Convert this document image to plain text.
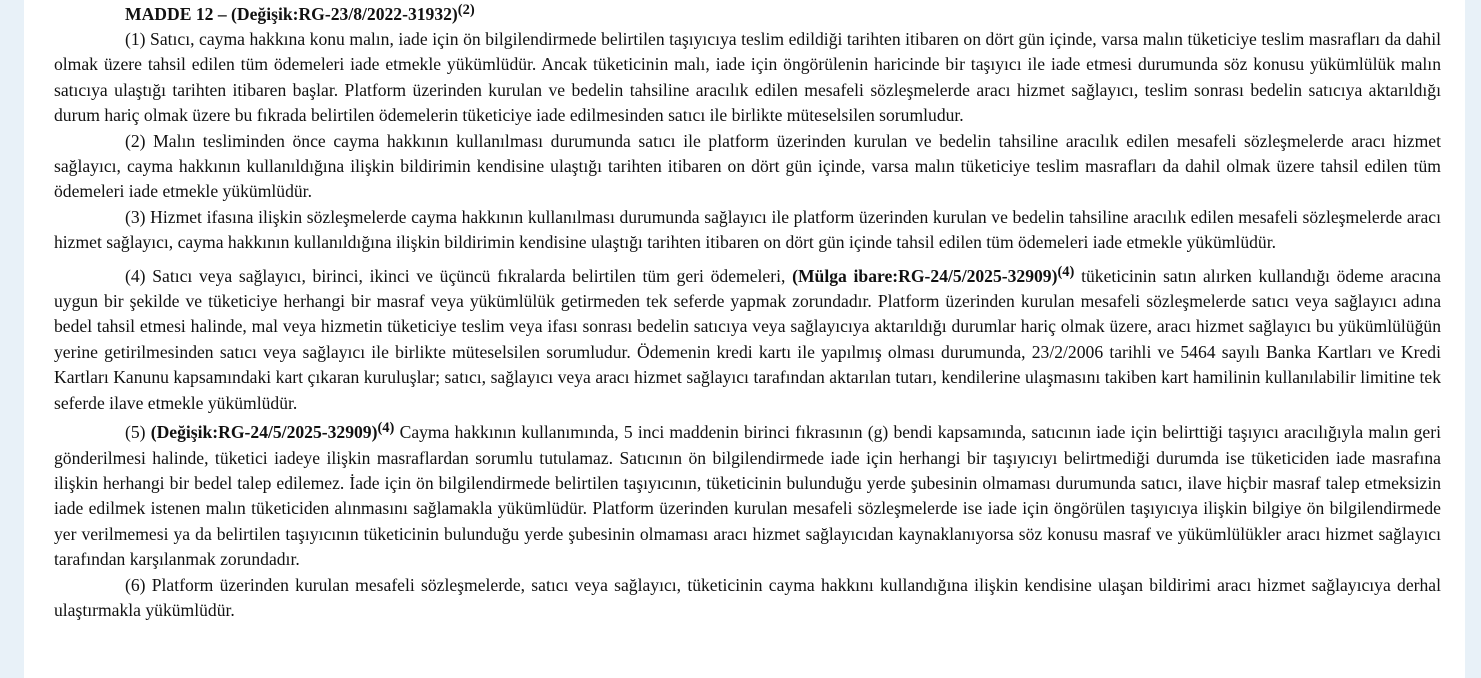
MADDE 12 – (Değişik:RG-23/8/2022-31932)$^{(2)}$

(1) Satıcı, cayma hakkına konu malın, iade için ön bilgilendirmede belirtilen taşıyıcıya teslim edildiği tarihten itibaren on dört gün içinde, varsa malın tüketiciye teslim masrafları da dahil olmak üzere tahsil edilen tüm ödemeleri iade etmekle yükümlüdür. Ancak tüketicinin malı, iade için öngörülenin haricinde bir taşıyıcı ile iade etmesi durumunda söz konusu yükümlülük malın satıcıya ulaştığı tarihten itibaren başlar. Platform üzerinden kurulan ve bedelin tahsiline aracılık edilen mesafeli sözleşmelerde aracı hizmet sağlayıcı, teslim sonrası bedelin satıcıya aktarıldığı durum hariç olmak üzere bu fıkrada belirtilen ödemelerin tüketiciye iade edilmesinden satıcı ile birlikte müteselsilen sorumludur.

(2) Malın tesliminden önce cayma hakkının kullanılması durumunda satıcı ile platform üzerinden kurulan ve bedelin tahsiline aracılık edilen mesafeli sözleşmelerde aracı hizmet sağlayıcı, cayma hakkının kullanıldığına ilişkin bildirimin kendisine ulaştığı tarihten itibaren on dört gün içinde, varsa malın tüketiciye teslim masrafları da dahil olmak üzere tahsil edilen tüm ödemeleri iade etmekle yükümlüdür.

(3) Hizmet ifasına ilişkin sözleşmelerde cayma hakkının kullanılması durumunda sağlayıcı ile platform üzerinden kurulan ve bedelin tahsiline aracılık edilen mesafeli sözleşmelerde aracı hizmet sağlayıcı, cayma hakkının kullanıldığına ilişkin bildirimin kendisine ulaştığı tarihten itibaren on dört gün içinde tahsil edilen tüm ödemeleri iade etmekle yükümlüdür.

(4) Satıcı veya sağlayıcı, birinci, ikinci ve üçüncü fıkralarda belirtilen tüm geri ödemeleri, (Mülga ibare:RG-24/5/2025-32909)$^{(4)}$ tüketicinin satın alırken kullandığı ödeme aracına uygun bir şekilde ve tüketiciye herhangi bir masraf veya yükümlülük getirmeden tek seferde yapmak zorundadır. Platform üzerinden kurulan mesafeli sözleşmelerde satıcı veya sağlayıcı adına bedel tahsil etmesi halinde, mal veya hizmetin tüketiciye teslim veya ifası sonrası bedelin satıcıya veya sağlayıcıya aktarıldığı durumlar hariç olmak üzere, aracı hizmet sağlayıcı bu yükümlülüğün yerine getirilmesinden satıcı veya sağlayıcı ile birlikte müteselsilen sorumludur. Ödemenin kredi kartı ile yapılmış olması durumunda, 23/2/2006 tarihli ve 5464 sayılı Banka Kartları ve Kredi Kartları Kanunu kapsamındaki kart çıkaran kuruluşlar; satıcı, sağlayıcı veya aracı hizmet sağlayıcı tarafından aktarılan tutarı, kendilerine ulaşmasını takiben kart hamilinin kullanılabilir limitine tek seferde ilave etmekle yükümlüdür.

(5) (Değişik:RG-24/5/2025-32909)$^{(4)}$ Cayma hakkının kullanımında, 5 inci maddenin birinci fıkrasının (g) bendi kapsamında, satıcının iade için belirttiği taşıyıcı aracılığıyla malın geri gönderilmesi halinde, tüketici iadeye ilişkin masraflardan sorumlu tutulamaz. Satıcının ön bilgilendirmede iade için herhangi bir taşıyıcıyı belirtmediği durumda ise tüketiciden iade masrafına ilişkin herhangi bir bedel talep edilemez. İade için ön bilgilendirmede belirtilen taşıyıcının, tüketicinin bulunduğu yerde şubesinin olmaması durumunda satıcı, ilave hiçbir masraf talep etmeksizin iade edilmek istenen malın tüketiciden alınmasını sağlamakla yükümlüdür. Platform üzerinden kurulan mesafeli sözleşmelerde ise iade için öngörülen taşıyıcıya ilişkin bilgiye ön bilgilendirmede yer verilmemesi ya da belirtilen taşıyıcının tüketicinin bulunduğu yerde şubesinin olmaması aracı hizmet sağlayıcıdan kaynaklanıyorsa söz konusu masraf ve yükümlülükler aracı hizmet sağlayıcı tarafından karşılanmak zorundadır.

(6) Platform üzerinden kurulan mesafeli sözleşmelerde, satıcı veya sağlayıcı, tüketicinin cayma hakkını kullandığına ilişkin kendisine ulaşan bildirimi aracı hizmet sağlayıcıya derhal ulaştırmakla yükümlüdür.
